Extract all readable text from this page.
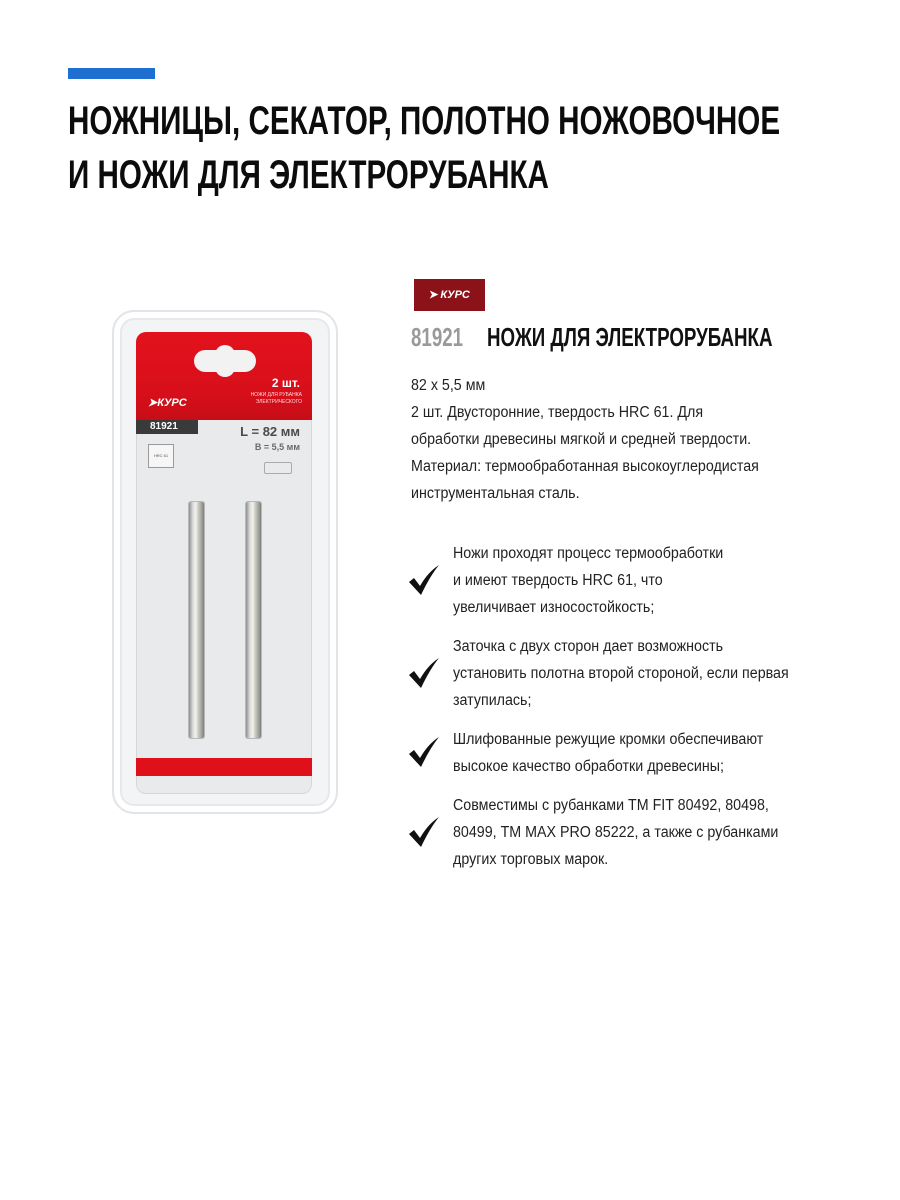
НОЖНИЦЫ, СЕКАТОР, ПОЛОТНО НОЖОВОЧНОЕ
И НОЖИ ДЛЯ ЭЛЕКТРОРУБАНКА
2 шт.
НОЖИ ДЛЯ РУБАНКА ЭЛЕКТРИЧЕСКОГО
➤КУРС
81921	L = 82 мм
B = 5,5 мм
HRC 61
➤ КУРС
81921 НОЖИ ДЛЯ ЭЛЕКТРОРУБАНКА
82 х 5,5 мм
2 шт. Двусторонние, твердость HRC 61. Для
обработки древесины мягкой и средней твердости.
Материал: термообработанная высокоуглеродистая
инструментальная сталь.
Ножи проходят процесс термообработки
и имеют твердость HRC 61, что
увеличивает износостойкость;
Заточка с двух сторон дает возможность
установить полотна второй стороной, если первая
затупилась;
Шлифованные режущие кромки обеспечивают
высокое качество обработки древесины;
Совместимы с рубанками ТМ FIT 80492, 80498,
80499, ТМ MAX PRO 85222, а также с рубанками
других торговых марок.
